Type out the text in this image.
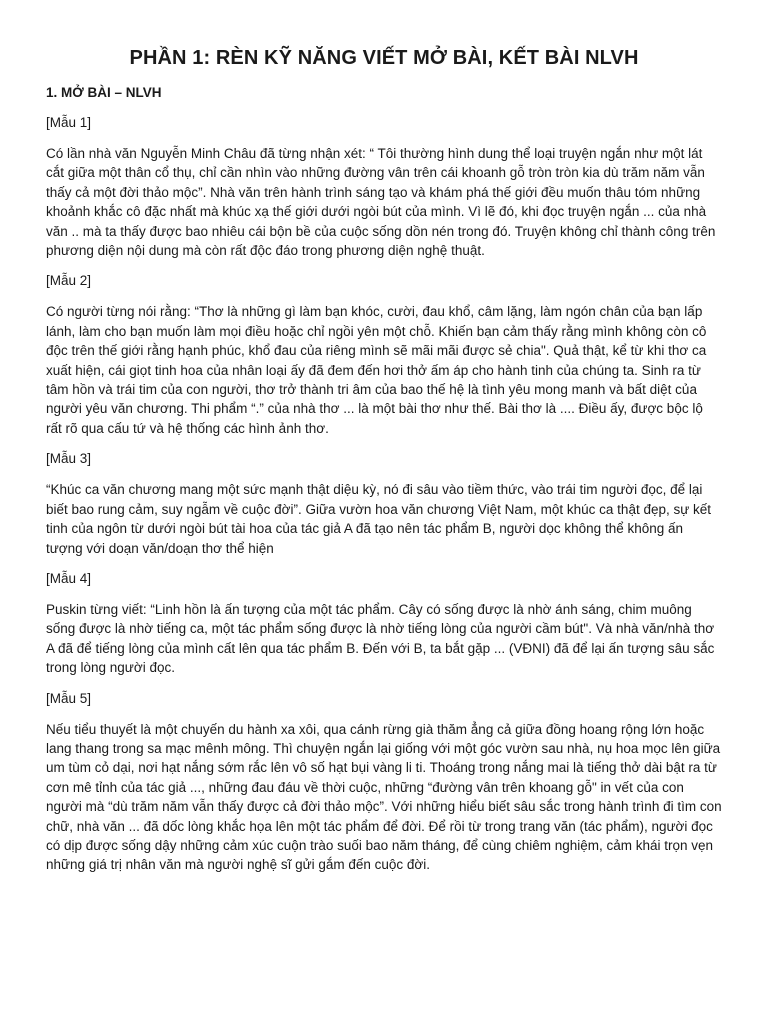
PHẦN 1: RÈN KỸ NĂNG VIẾT MỞ BÀI, KẾT BÀI NLVH
1. MỞ BÀI – NLVH
[Mẫu 1]

Có lần nhà văn Nguyễn Minh Châu đã từng nhận xét: “ Tôi thường hình dung thể loại truyện ngắn như một lát cắt giữa một thân cổ thụ, chỉ cần nhìn vào những đường vân trên cái khoanh gỗ tròn tròn kia dù trăm năm vẫn thấy cả một đời thảo mộc”. Nhà văn trên hành trình sáng tạo và khám phá thế giới đều muốn thâu tóm những khoảnh khắc cô đặc nhất mà khúc xạ thế giới dưới ngòi bút của mình. Vì lẽ đó, khi đọc truyện ngắn ... của nhà văn .. mà ta thấy được bao nhiêu cái bộn bề của cuộc sống dồn nén trong đó. Truyện không chỉ thành công trên phương diện nội dung mà còn rất độc đáo trong phương diện nghệ thuật.

[Mẫu 2]

Có người từng nói rằng: “Thơ là những gì làm bạn khóc, cười, đau khổ, câm lặng, làm ngón chân của bạn lấp lánh, làm cho bạn muốn làm mọi điều hoặc chỉ ngồi yên một chỗ. Khiến bạn cảm thấy rằng mình không còn cô độc trên thế giới rằng hạnh phúc, khổ đau của riêng mình sẽ mãi mãi được sẻ chia". Quả thật, kể từ khi thơ ca xuất hiện, cái giọt tinh hoa của nhân loại ấy đã đem đến hơi thở ấm áp cho hành tinh của chúng ta. Sinh ra từ tâm hồn và trái tim của con người, thơ trở thành tri âm của bao thế hệ là tình yêu mong manh và bất diệt của người yêu văn chương. Thi phẩm “.” của nhà thơ ... là một bài thơ như thế. Bài thơ là .... Điều ấy, được bộc lộ rất rõ qua cấu tứ và hệ thống các hình ảnh thơ.

[Mẫu 3]

“Khúc ca văn chương mang một sức mạnh thật diệu kỳ, nó đi sâu vào tiềm thức, vào trái tim người đọc, để lại biết bao rung cảm, suy ngẫm về cuộc đời”. Giữa vườn hoa văn chương Việt Nam, một khúc ca thật đẹp, sự kết tinh của ngôn từ dưới ngòi bút tài hoa của tác giả A đã tạo nên tác phẩm B, người dọc không thể không ấn tượng với doạn văn/doạn thơ thể hiện

[Mẫu 4]

Puskin từng viết: “Linh hồn là ấn tượng của một tác phẩm. Cây có sống được là nhờ ánh sáng, chim muông sống được là nhờ tiếng ca, một tác phẩm sống được là nhờ tiếng lòng của người cầm bút". Và nhà văn/nhà thơ A đã để tiếng lòng của mình cất lên qua tác phẩm B. Đến với B, ta bắt gặp ... (VĐNI) đã để lại ấn tượng sâu sắc trong lòng người đọc.

[Mẫu 5]

Nếu tiểu thuyết là một chuyến du hành xa xôi, qua cánh rừng già thăm ẳng cả giữa đồng hoang rộng lớn hoặc lang thang trong sa mạc mênh mông. Thì chuyện ngắn lại giống với một góc vườn sau nhà, nụ hoa mọc lên giữa um tùm cỏ dại, nơi hạt nắng sớm rắc lên vô số hạt bụi vàng li ti. Thoáng trong nắng mai là tiếng thở dài bật ra từ cơn mê tỉnh của tác giả ..., những đau đáu về thời cuộc, những “đường vân trên khoang gỗ" in vết của con người mà “dù trăm năm vẫn thấy được cả đời thảo mộc”. Với những hiểu biết sâu sắc trong hành trình đi tìm con chữ, nhà văn ... đã dốc lòng khắc họa lên một tác phẩm để đời. Để rồi từ trong trang văn (tác phẩm), người đọc có dịp được sống dậy những cảm xúc cuộn trào suối bao năm tháng, để cùng chiêm nghiệm, cảm khái trọn vẹn những giá trị nhân văn mà người nghệ sĩ gửi gắm đến cuộc đời.
